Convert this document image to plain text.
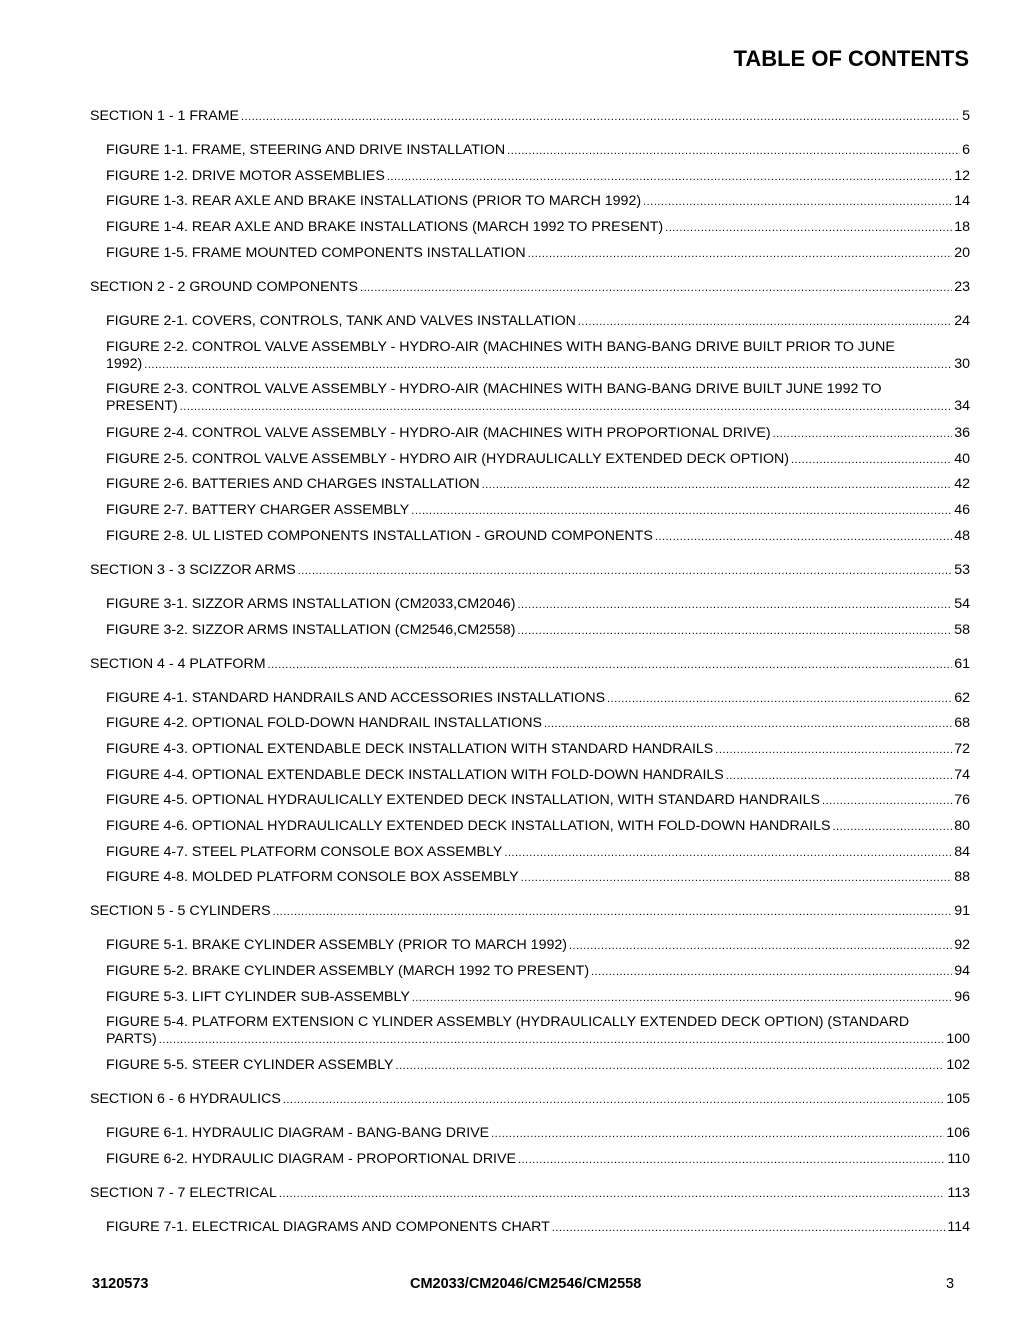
TABLE OF CONTENTS
SECTION 1 - 1 FRAME .....	5
FIGURE 1-1. FRAME, STEERING AND DRIVE INSTALLATION .....	6
FIGURE 1-2. DRIVE MOTOR ASSEMBLIES .....	12
FIGURE 1-3. REAR AXLE AND BRAKE INSTALLATIONS (PRIOR TO MARCH 1992) .....	14
FIGURE 1-4. REAR AXLE AND BRAKE INSTALLATIONS (MARCH 1992 TO PRESENT) .....	18
FIGURE 1-5. FRAME MOUNTED COMPONENTS INSTALLATION .....	20
SECTION 2 - 2 GROUND COMPONENTS .....	23
FIGURE 2-1. COVERS, CONTROLS, TANK AND VALVES INSTALLATION .....	24
FIGURE 2-2. CONTROL VALVE ASSEMBLY - HYDRO-AIR (MACHINES WITH BANG-BANG DRIVE BUILT PRIOR TO JUNE
1992) .....	30
FIGURE 2-3. CONTROL VALVE ASSEMBLY - HYDRO-AIR (MACHINES WITH BANG-BANG DRIVE BUILT JUNE 1992 TO
PRESENT) .....	34
FIGURE 2-4. CONTROL VALVE ASSEMBLY - HYDRO-AIR (MACHINES WITH PROPORTIONAL DRIVE) .....	36
FIGURE 2-5. CONTROL VALVE ASSEMBLY - HYDRO AIR (HYDRAULICALLY EXTENDED DECK OPTION) .....	40
FIGURE 2-6. BATTERIES AND CHARGES INSTALLATION .....	42
FIGURE 2-7. BATTERY CHARGER ASSEMBLY .....	46
FIGURE 2-8. UL LISTED COMPONENTS INSTALLATION - GROUND COMPONENTS .....	48
SECTION 3 - 3 SCIZZOR ARMS .....	53
FIGURE 3-1. SIZZOR ARMS INSTALLATION (CM2033,CM2046) .....	54
FIGURE 3-2. SIZZOR ARMS INSTALLATION (CM2546,CM2558) .....	58
SECTION 4 - 4 PLATFORM .....	61
FIGURE 4-1. STANDARD HANDRAILS AND ACCESSORIES INSTALLATIONS .....	62
FIGURE 4-2. OPTIONAL FOLD-DOWN HANDRAIL INSTALLATIONS .....	68
FIGURE 4-3. OPTIONAL EXTENDABLE DECK INSTALLATION WITH STANDARD HANDRAILS .....	72
FIGURE 4-4. OPTIONAL EXTENDABLE DECK INSTALLATION WITH FOLD-DOWN HANDRAILS .....	74
FIGURE 4-5. OPTIONAL HYDRAULICALLY EXTENDED DECK INSTALLATION, WITH STANDARD HANDRAILS .....	76
FIGURE 4-6. OPTIONAL HYDRAULICALLY EXTENDED DECK INSTALLATION, WITH FOLD-DOWN HANDRAILS .....	80
FIGURE 4-7. STEEL PLATFORM CONSOLE BOX ASSEMBLY .....	84
FIGURE 4-8. MOLDED PLATFORM CONSOLE BOX ASSEMBLY .....	88
SECTION 5 - 5 CYLINDERS .....	91
FIGURE 5-1. BRAKE CYLINDER ASSEMBLY (PRIOR TO MARCH 1992) .....	92
FIGURE 5-2. BRAKE CYLINDER ASSEMBLY (MARCH 1992 TO PRESENT) .....	94
FIGURE 5-3. LIFT CYLINDER SUB-ASSEMBLY .....	96
FIGURE 5-4. PLATFORM EXTENSION C YLINDER ASSEMBLY (HYDRAULICALLY EXTENDED DECK OPTION) (STANDARD
PARTS) .....	100
FIGURE 5-5. STEER CYLINDER ASSEMBLY .....	102
SECTION 6 - 6 HYDRAULICS .....	105
FIGURE 6-1. HYDRAULIC DIAGRAM - BANG-BANG DRIVE .....	106
FIGURE 6-2. HYDRAULIC DIAGRAM - PROPORTIONAL DRIVE .....	110
SECTION 7 - 7 ELECTRICAL .....	113
FIGURE 7-1. ELECTRICAL DIAGRAMS AND COMPONENTS CHART .....	114
3120573	CM2033/CM2046/CM2546/CM2558	3
